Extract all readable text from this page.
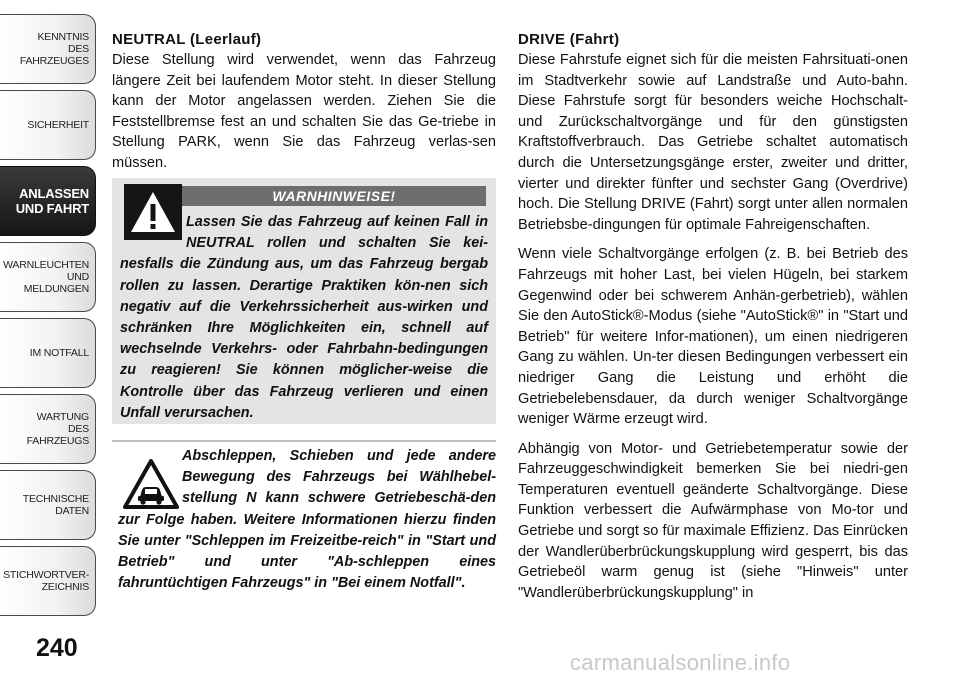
KENNTNIS
DES
FAHRZEUGES
SICHERHEIT
ANLASSEN
UND FAHRT
WARNLEUCHTEN
UND
MELDUNGEN
IM NOTFALL
WARTUNG
DES
FAHRZEUGS
TECHNISCHE
DATEN
STICHWORTVER-
ZEICHNIS
240
NEUTRAL (Leerlauf)

Diese Stellung wird verwendet, wenn das Fahrzeug längere Zeit bei laufendem Motor steht. In dieser Stellung kann der Motor angelassen werden. Ziehen Sie die Feststellbremse fest an und schalten Sie das Ge-triebe in Stellung PARK, wenn Sie das Fahrzeug verlas-sen müssen.

WARNHINWEISE!
Lassen Sie das Fahrzeug auf keinen Fall in NEUTRAL rollen und schalten Sie kei-nesfalls die Zündung aus, um das Fahrzeug bergab rollen zu lassen. Derartige Praktiken kön-nen sich negativ auf die Verkehrssicherheit aus-wirken und schränken Ihre Möglichkeiten ein, schnell auf wechselnde Verkehrs- oder Fahrbahn-bedingungen zu reagieren! Sie können möglicher-weise die Kontrolle über das Fahrzeug verlieren und einen Unfall verursachen.
Abschleppen, Schieben und jede andere Bewegung des Fahrzeugs bei Wählhebel-stellung N kann schwere Getriebeschä-den zur Folge haben. Weitere Informationen hierzu finden Sie unter "Schleppen im Freizeitbe-reich" in "Start und Betrieb" und unter "Ab-schleppen eines fahruntüchtigen Fahrzeugs" in "Bei einem Notfall".
DRIVE (Fahrt)

Diese Fahrstufe eignet sich für die meisten Fahrsituati-onen im Stadtverkehr sowie auf Landstraße und Auto-bahn. Diese Fahrstufe sorgt für besonders weiche Hochschalt- und Zurückschaltvorgänge und für den günstigsten Kraftstoffverbrauch. Das Getriebe schaltet automatisch durch die Untersetzungsgänge erster, zweiter und dritter, vierter und direkter fünfter und sechster Gang (Overdrive) hoch. Die Stellung DRIVE (Fahrt) sorgt unter allen normalen Betriebsbe-dingungen für optimale Fahreigenschaften.

Wenn viele Schaltvorgänge erfolgen (z. B. bei Betrieb des Fahrzeugs mit hoher Last, bei vielen Hügeln, bei starkem Gegenwind oder bei schwerem Anhän-gerbetrieb), wählen Sie den AutoStick®-Modus (siehe "AutoStick®" in "Start und Betrieb" für weitere Infor-mationen), um einen niedrigeren Gang zu wählen. Un-ter diesen Bedingungen verbessert ein niedriger Gang die Leistung und erhöht die Getriebelebensdauer, da durch weniger Schaltvorgänge weniger Wärme erzeugt wird.

Abhängig von Motor- und Getriebetemperatur sowie der Fahrzeuggeschwindigkeit bemerken Sie bei niedri-gen Temperaturen eventuell geänderte Schaltvorgänge. Diese Funktion verbessert die Aufwärmphase von Mo-tor und Getriebe und sorgt so für maximale Effizienz. Das Einrücken der Wandlerüberbrückungskupplung wird gesperrt, bis das Getriebeöl warm genug ist (siehe "Hinweis" unter "Wandlerüberbrückungskupplung" in

carmanualsonline.info
